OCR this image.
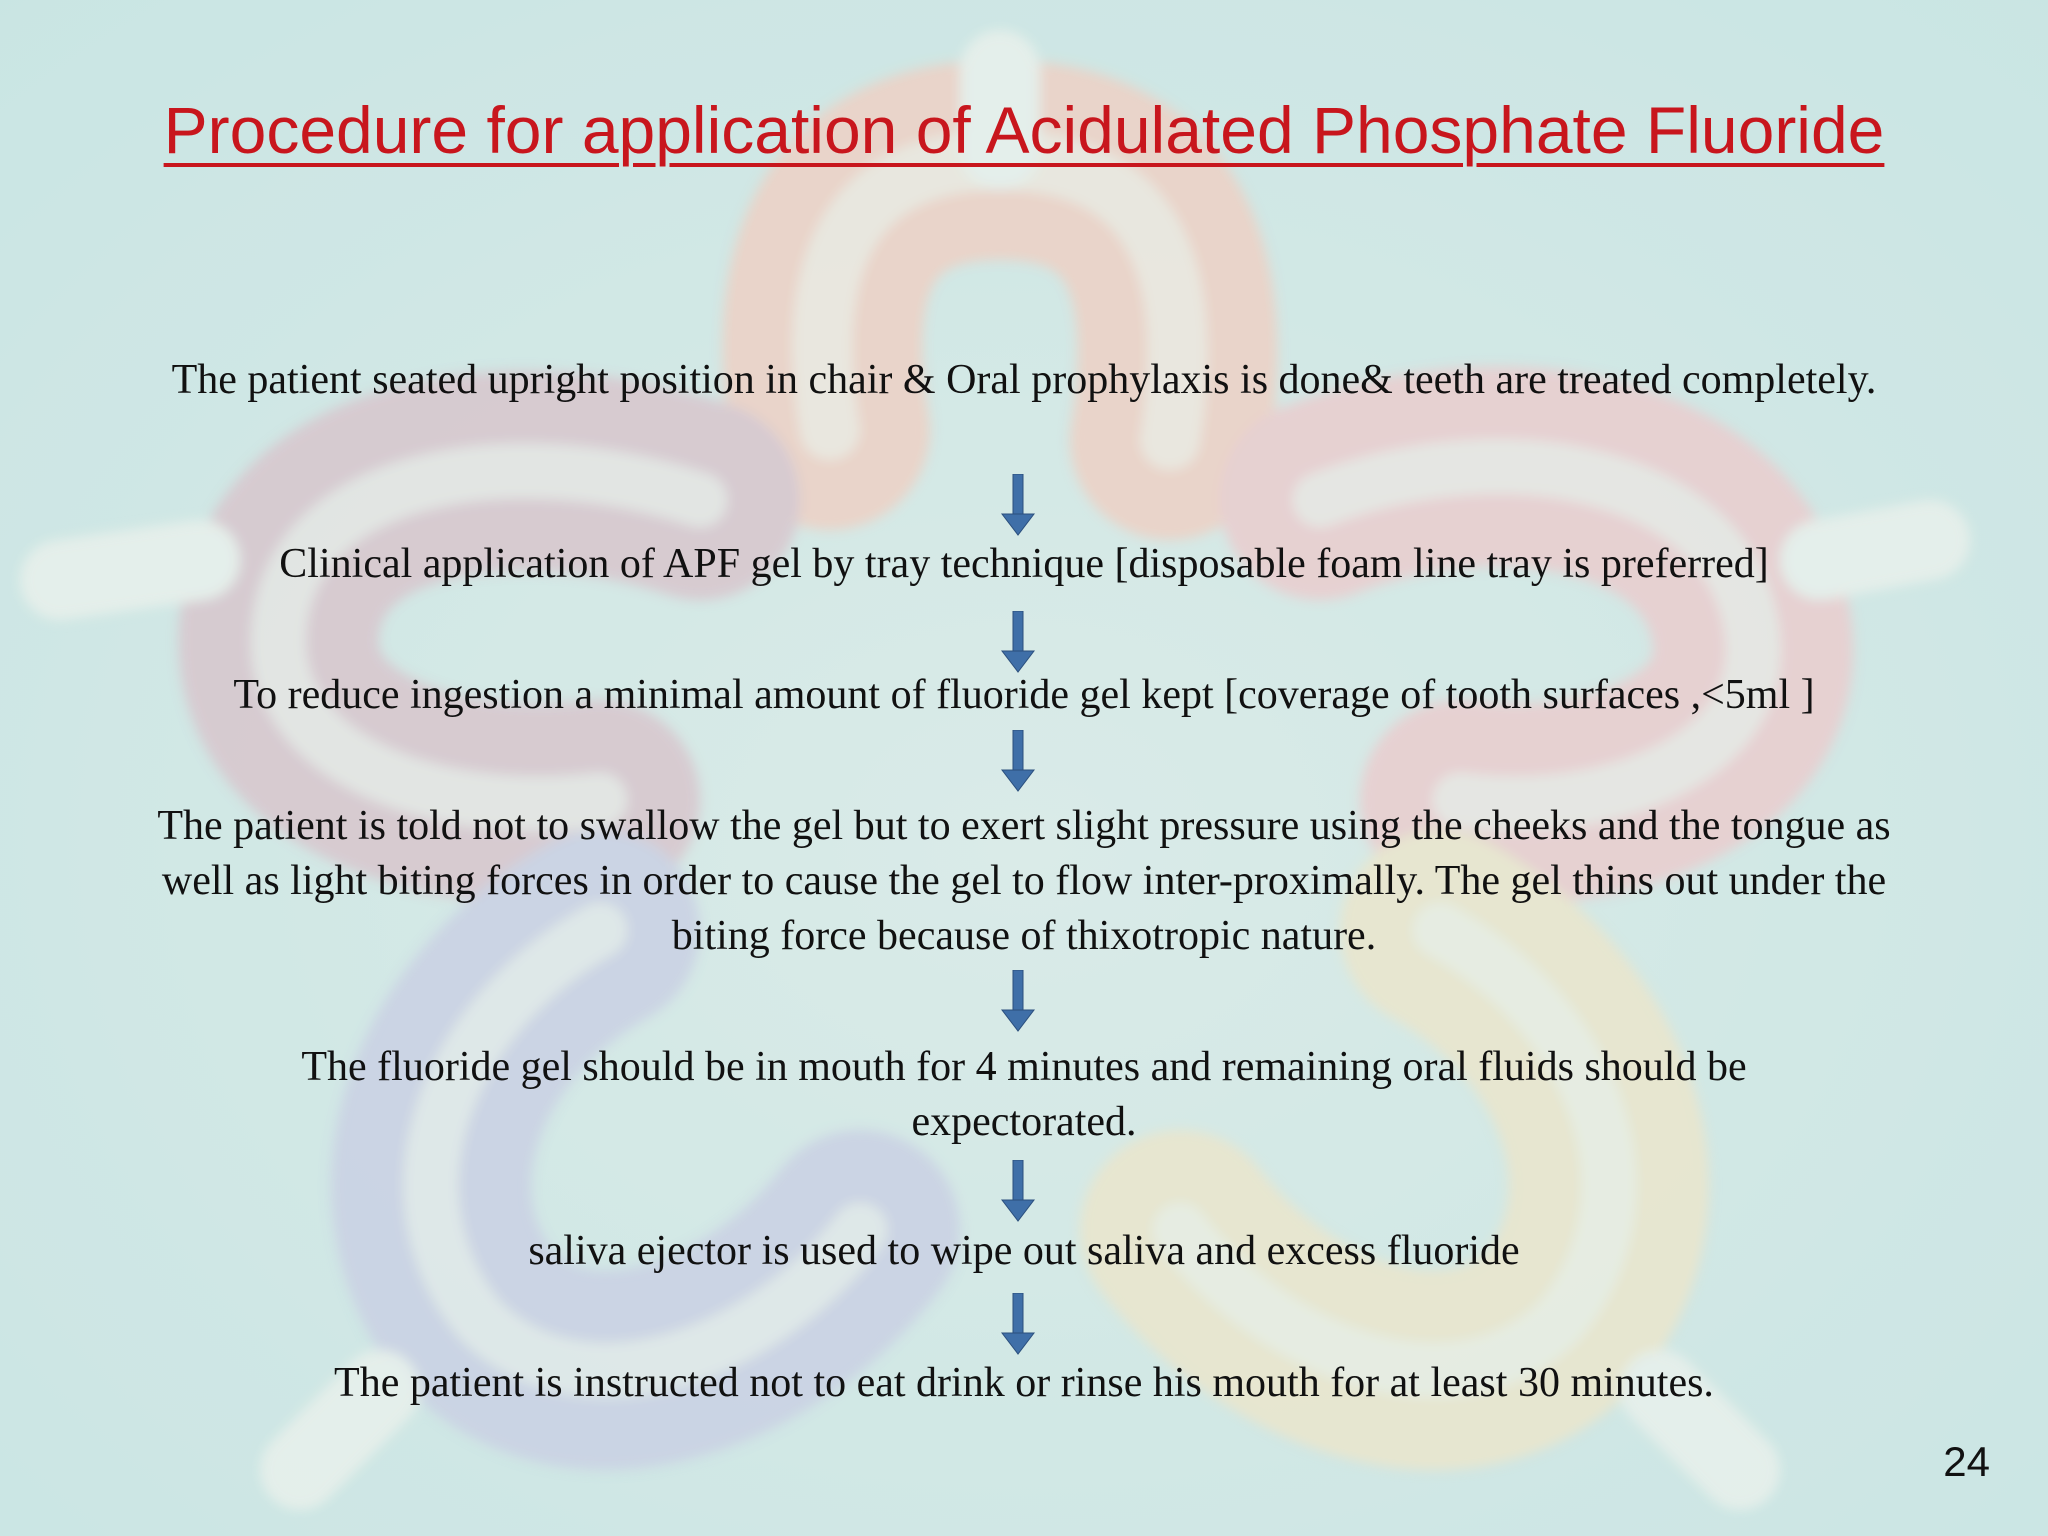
Procedure for application of Acidulated Phosphate Fluoride
The patient seated upright position in chair & Oral prophylaxis is done& teeth are treated completely.
Clinical application of APF gel by tray technique [disposable foam line tray is preferred]
To reduce ingestion a minimal amount of fluoride gel kept [coverage of tooth surfaces ,<5ml ]
The patient is told not to swallow the gel but to exert slight pressure using the cheeks and the tongue as well as light biting forces in order to cause the gel to flow inter-proximally. The gel thins out under the biting force because of thixotropic nature.
The fluoride gel should be in mouth for 4 minutes and remaining oral fluids should be expectorated.
saliva ejector is used to wipe out saliva and excess fluoride
The patient is instructed not to eat drink or rinse his mouth for at least 30 minutes.
24
